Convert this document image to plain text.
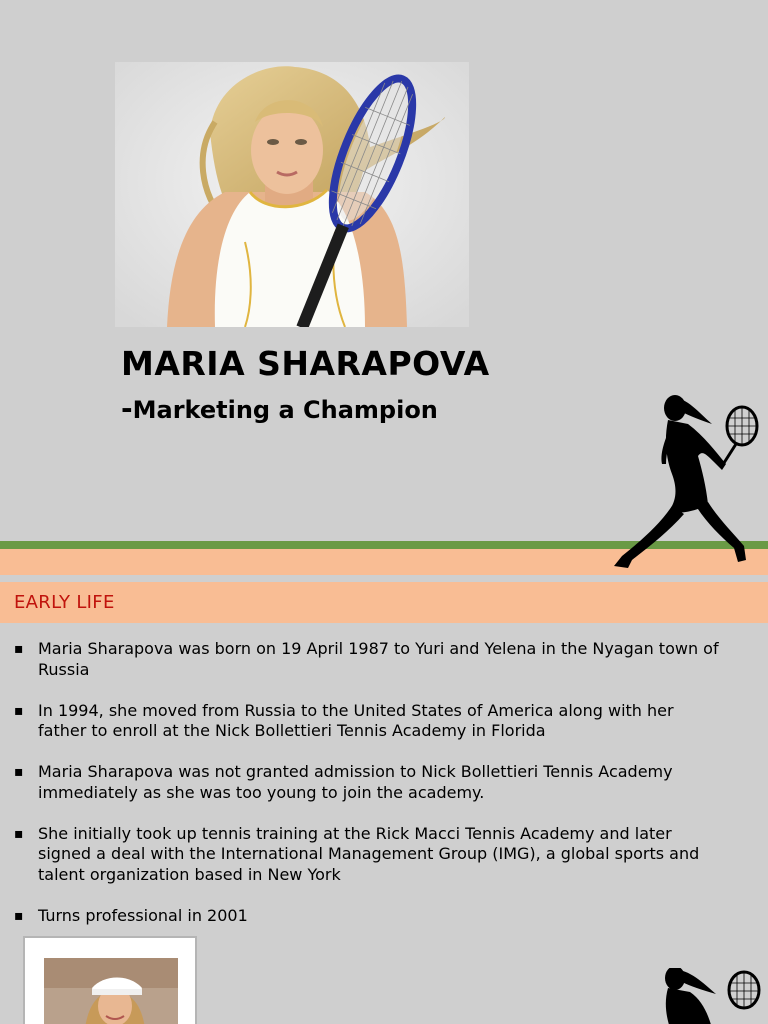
MARIA SHARAPOVA

-Marketing a Champion

EARLY LIFE
▪ Maria Sharapova was born on 19 April 1987 to Yuri and Yelena in the Nyagan town of Russia
▪ In 1994, she moved from Russia to the United States of America along with her father to enroll at the Nick Bollettieri Tennis Academy in Florida
▪ Maria Sharapova was not granted admission to Nick Bollettieri Tennis Academy immediately as she was too young to join the academy.
▪ She initially took up tennis training at the Rick Macci Tennis Academy and later signed a deal with the International Management Group (IMG), a global sports and talent organization based in New York
▪ Turns professional in 2001
